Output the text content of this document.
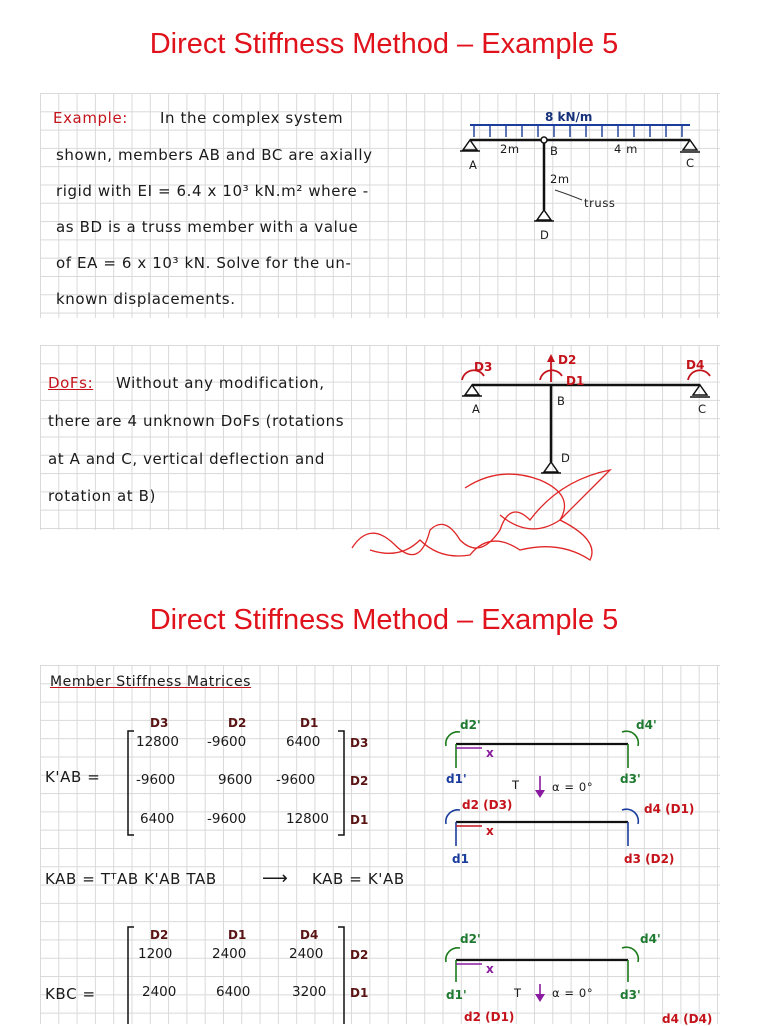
Direct Stiffness Method – Example 5
Example: In the complex system
shown, members AB and BC are axially
rigid with EI = 6.4 x 10³ kN.m² where -
as BD is a truss member with a value
of EA = 6 x 10³ kN. Solve for the un-
known displacements.
8 kN/m
2m	4 m
2m
truss
A
B
C
D
DoFs: Without any modification,
there are 4 unknown DoFs (rotations
at A and C, vertical deflection and
rotation at B)
D3	D2
D1
D4
A
B
C
D
Direct Stiffness Method – Example 5
Member Stiffness Matrices
K'AB =
D3	D2	D1
12800 -9600	6400 D3
-9600	9600 -9600	D2
6400 -9600	12800 D1
KAB = TᵀAB K'AB TAB	⟶ KAB = K'AB
KBC =
D2	D1	D4
1200	2400	2400 D2
2400	6400	3200 D1
d2'	d4'
x
d1'	d3'
T	α = 0°
d2 (D3)	d4 (D1)
x
d1	d3 (D2)
d2'	d4'
x
d1'	d3'
T	α = 0°
d2 (D1)	d4 (D4)
